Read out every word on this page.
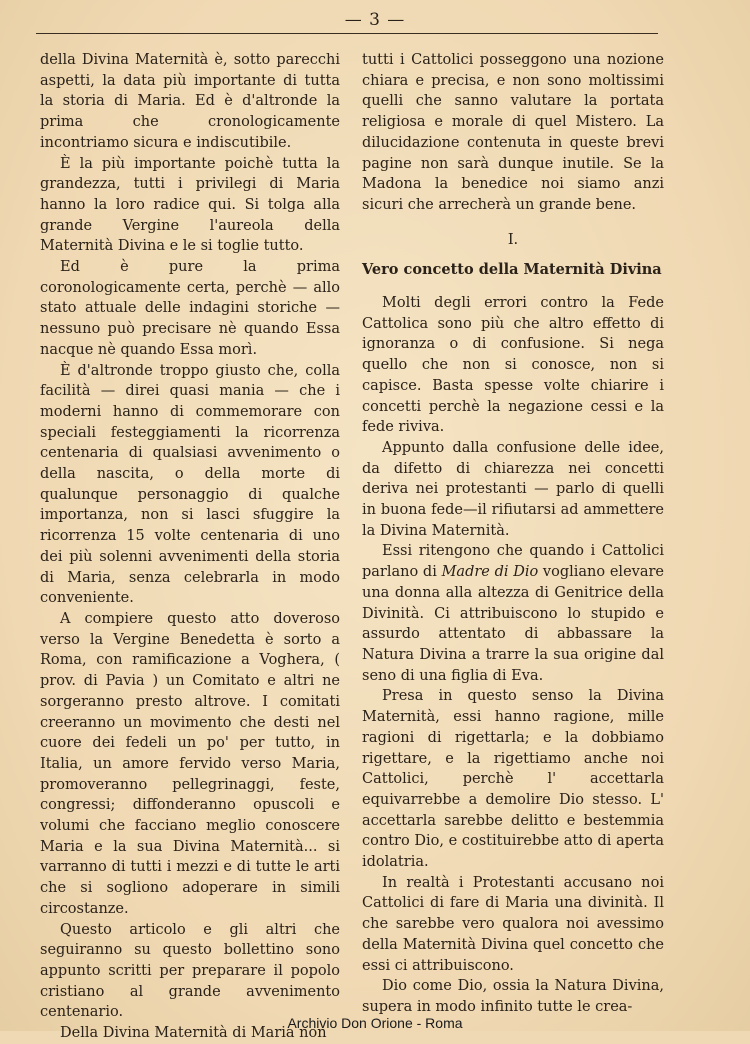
— 3 —

della Divina Maternità è, sotto parecchi aspetti, la data più importante di tutta la storia di Maria. Ed è d'altronde la prima che cronologicamente incontriamo sicura e indiscutibile.

È la più importante poichè tutta la grandezza, tutti i privilegi di Maria hanno la loro radice qui. Si tolga alla grande Vergine l'aureola della Maternità Divina e le si toglie tutto.

Ed è pure la prima coronologicamente certa, perchè — allo stato attuale delle indagini storiche — nessuno può precisare nè quando Essa nacque nè quando Essa morì.

È d'altronde troppo giusto che, colla facilità — direi quasi mania — che i moderni hanno di commemorare con speciali festeggiamenti la ricorrenza centenaria di qualsiasi avvenimento o della nascita, o della morte di qualunque personaggio di qualche importanza, non si lasci sfuggire la ricorrenza 15 volte centenaria di uno dei più solenni avvenimenti della storia di Maria, senza celebrarla in modo conveniente.

A compiere questo atto doveroso verso la Vergine Benedetta è sorto a Roma, con ramificazione a Voghera, ( prov. di Pavia ) un Comitato e altri ne sorgeranno presto altrove. I comitati creeranno un movimento che desti nel cuore dei fedeli un po' per tutto, in Italia, un amore fervido verso Maria, promoveranno pellegrinaggi, feste, congressi; diffonderanno opuscoli e volumi che facciano meglio conoscere Maria e la sua Divina Maternità... si varranno di tutti i mezzi e di tutte le arti che si sogliono adoperare in simili circostanze.

Questo articolo e gli altri che seguiranno su questo bollettino sono appunto scritti per preparare il popolo cristiano al grande avvenimento centenario.

Della Divina Maternità di Maria non

tutti i Cattolici posseggono una nozione chiara e precisa, e non sono moltissimi quelli che sanno valutare la portata religiosa e morale di quel Mistero. La dilucidazione contenuta in queste brevi pagine non sarà dunque inutile. Se la Madona la benedice noi siamo anzi sicuri che arrecherà un grande bene.

I.
Vero concetto della Maternità Divina

Molti degli errori contro la Fede Cattolica sono più che altro effetto di ignoranza o di confusione. Si nega quello che non si conosce, non si capisce. Basta spesse volte chiarire i concetti perchè la negazione cessi e la fede riviva.

Appunto dalla confusione delle idee, da difetto di chiarezza nei concetti deriva nei protestanti — parlo di quelli in buona fede—il rifiutarsi ad ammettere la Divina Maternità.

Essi ritengono che quando i Cattolici parlano di Madre di Dio vogliano elevare una donna alla altezza di Genitrice della Divinità. Ci attribuiscono lo stupido e assurdo attentato di abbassare la Natura Divina a trarre la sua origine dal seno di una figlia di Eva.

Presa in questo senso la Divina Maternità, essi hanno ragione, mille ragioni di rigettarla; e la dobbiamo rigettare, e la rigettiamo anche noi Cattolici, perchè l' accettarla equivarrebbe a demolire Dio stesso. L' accettarla sarebbe delitto e bestemmia contro Dio, e costituirebbe atto di aperta idolatria.

In realtà i Protestanti accusano noi Cattolici di fare di Maria una divinità. Il che sarebbe vero qualora noi avessimo della Maternità Divina quel concetto che essi ci attribuiscono.

Dio come Dio, ossia la Natura Divina, supera in modo infinito tutte le crea-

Archivio Don Orione - Roma
